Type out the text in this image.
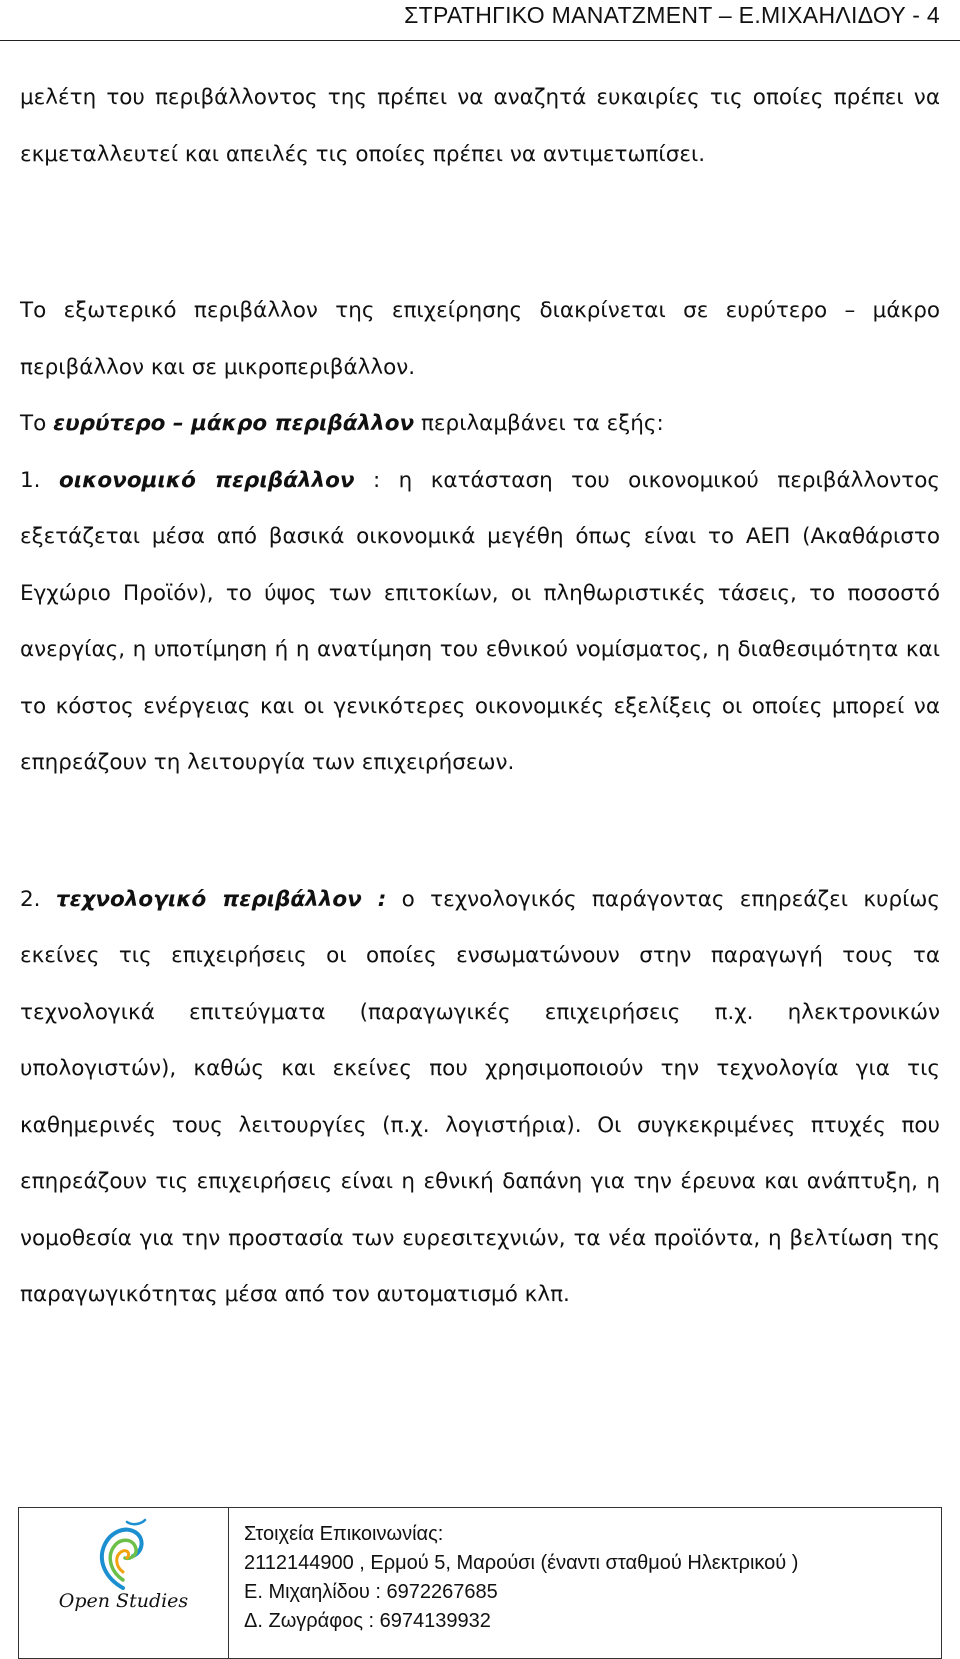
ΣΤΡΑΤΗΓΙΚΟ ΜΑΝΑΤΖΜΕΝΤ – Ε.ΜΙΧΑΗΛΙΔΟΥ - 4

μελέτη του περιβάλλοντος της πρέπει να αναζητά ευκαιρίες τις οποίες πρέπει να εκμεταλλευτεί και απειλές τις οποίες πρέπει να αντιμετωπίσει.

Το εξωτερικό περιβάλλον της επιχείρησης διακρίνεται σε ευρύτερο – μάκρο περιβάλλον και σε μικροπεριβάλλον.

Το ευρύτερο – μάκρο περιβάλλον περιλαμβάνει τα εξής:

1. οικονομικό περιβάλλον : η κατάσταση του οικονομικού περιβάλλοντος εξετάζεται μέσα από βασικά οικονομικά μεγέθη όπως είναι το ΑΕΠ (Ακαθάριστο Εγχώριο Προϊόν), το ύψος των επιτοκίων, οι πληθωριστικές τάσεις, το ποσοστό ανεργίας, η υποτίμηση ή η ανατίμηση του εθνικού νομίσματος, η διαθεσιμότητα και το κόστος ενέργειας και οι γενικότερες οικονομικές εξελίξεις οι οποίες μπορεί να επηρεάζουν τη λειτουργία των επιχειρήσεων.

2. τεχνολογικό περιβάλλον : ο τεχνολογικός παράγοντας επηρεάζει κυρίως εκείνες τις επιχειρήσεις οι οποίες ενσωματώνουν στην παραγωγή τους τα τεχνολογικά επιτεύγματα (παραγωγικές επιχειρήσεις π.χ. ηλεκτρονικών υπολογιστών), καθώς και εκείνες που χρησιμοποιούν την τεχνολογία για τις καθημερινές τους λειτουργίες (π.χ. λογιστήρια). Οι συγκεκριμένες πτυχές που επηρεάζουν τις επιχειρήσεις είναι η εθνική δαπάνη για την έρευνα και ανάπτυξη, η νομοθεσία για την προστασία των ευρεσιτεχνιών, τα νέα προϊόντα, η βελτίωση της παραγωγικότητας μέσα από τον αυτοματισμό κλπ.

Open Studies
Στοιχεία Επικοινωνίας:
2112144900 , Ερμού 5, Μαρούσι (έναντι σταθμού Ηλεκτρικού )
Ε. Μιχαηλίδου : 6972267685
Δ. Ζωγράφος : 6974139932
